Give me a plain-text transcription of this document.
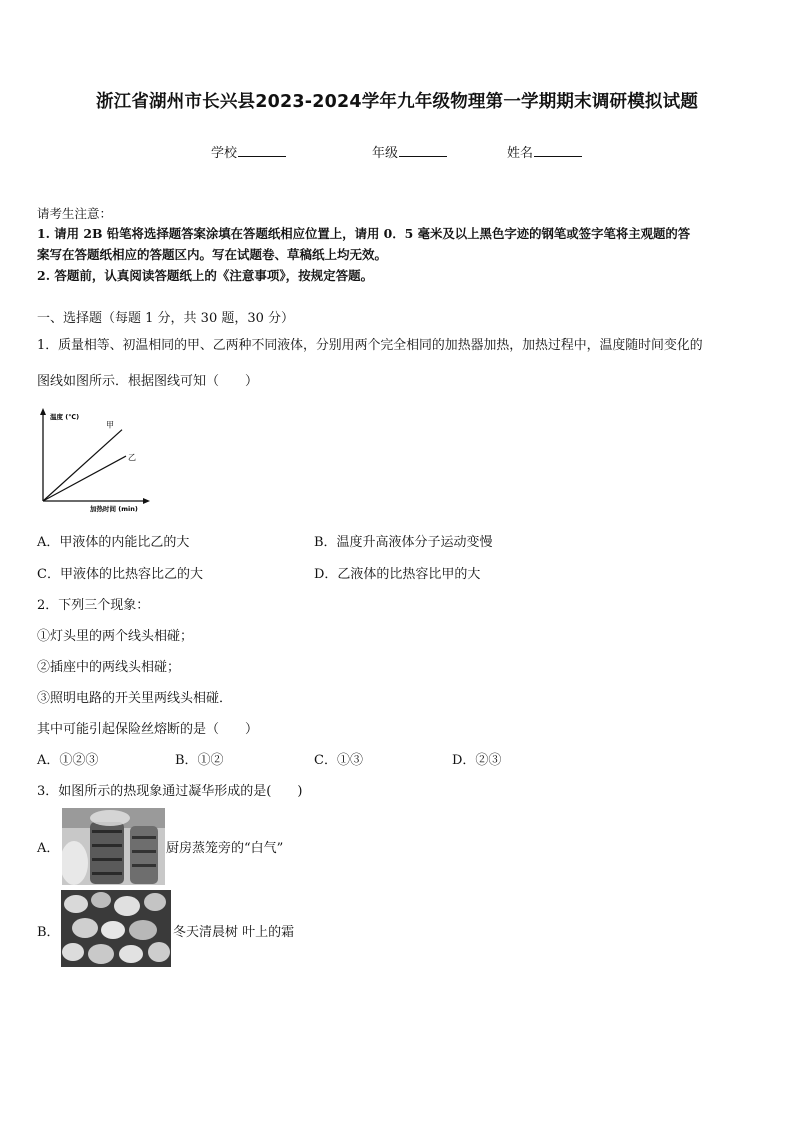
浙江省湖州市长兴县2023-2024学年九年级物理第一学期期末调研模拟试题
学校	年级	姓名
请考生注意：
1. 请用 2B 铅笔将选择题答案涂填在答题纸相应位置上，请用 0．5 毫米及以上黑色字迹的钢笔或签字笔将主观题的答
案写在答题纸相应的答题区内。写在试题卷、草稿纸上均无效。
2. 答题前，认真阅读答题纸上的《注意事项》，按规定答题。
一、选择题（每题 1 分，共 30 题，30 分）
1．质量相等、初温相同的甲、乙两种不同液体，分别用两个完全相同的加热器加热，加热过程中，温度随时间变化的
图线如图所示．根据图线可知（　　）
温度 (℃)
加热时间 (min)
甲
乙
A．甲液体的内能比乙的大	B．温度升高液体分子运动变慢
C．甲液体的比热容比乙的大	D．乙液体的比热容比甲的大
2．下列三个现象：
①灯头里的两个线头相碰；
②插座中的两线头相碰；
③照明电路的开关里两线头相碰．
其中可能引起保险丝熔断的是（　　）
A．①②③	B．①②	C．①③	D．②③
3．如图所示的热现象通过凝华形成的是(　　)
A．	厨房蒸笼旁的“白气”
B．	冬天清晨树 叶上的霜
